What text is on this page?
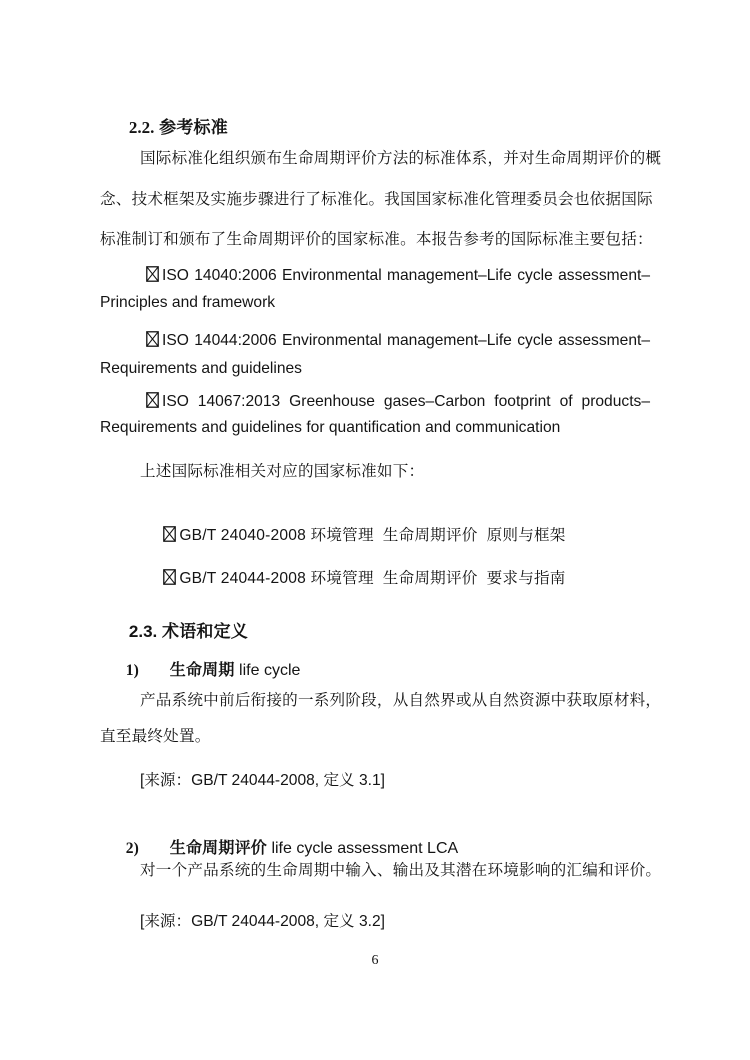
2.2. 参考标准

国际标准化组织颁布生命周期评价方法的标准体系，并对生命周期评价的概
念、技术框架及实施步骤进行了标准化。我国国家标准化管理委员会也依据国际
标准制订和颁布了生命周期评价的国家标准。本报告参考的国际标准主要包括：
ISO 14040:2006 Environmental management–Life cycle assessment–
Principles and framework
ISO 14044:2006 Environmental management–Life cycle assessment–
Requirements and guidelines
ISO 14067:2013 Greenhouse gases–Carbon footprint of products–
Requirements and guidelines for quantification and communication
上述国际标准相关对应的国家标准如下：

GB/T 24040-2008 环境管理  生命周期评价  原则与框架

GB/T 24044-2008 环境管理  生命周期评价  要求与指南

2.3. 术语和定义

1) 生命周期 life cycle

产品系统中前后衔接的一系列阶段，从自然界或从自然资源中获取原材料，
直至最终处置。
[来源：GB/T 24044-2008, 定义 3.1]

2) 生命周期评价 life cycle assessment LCA

对一个产品系统的生命周期中输入、输出及其潜在环境影响的汇编和评价。
[来源：GB/T 24044-2008, 定义 3.2]
6
